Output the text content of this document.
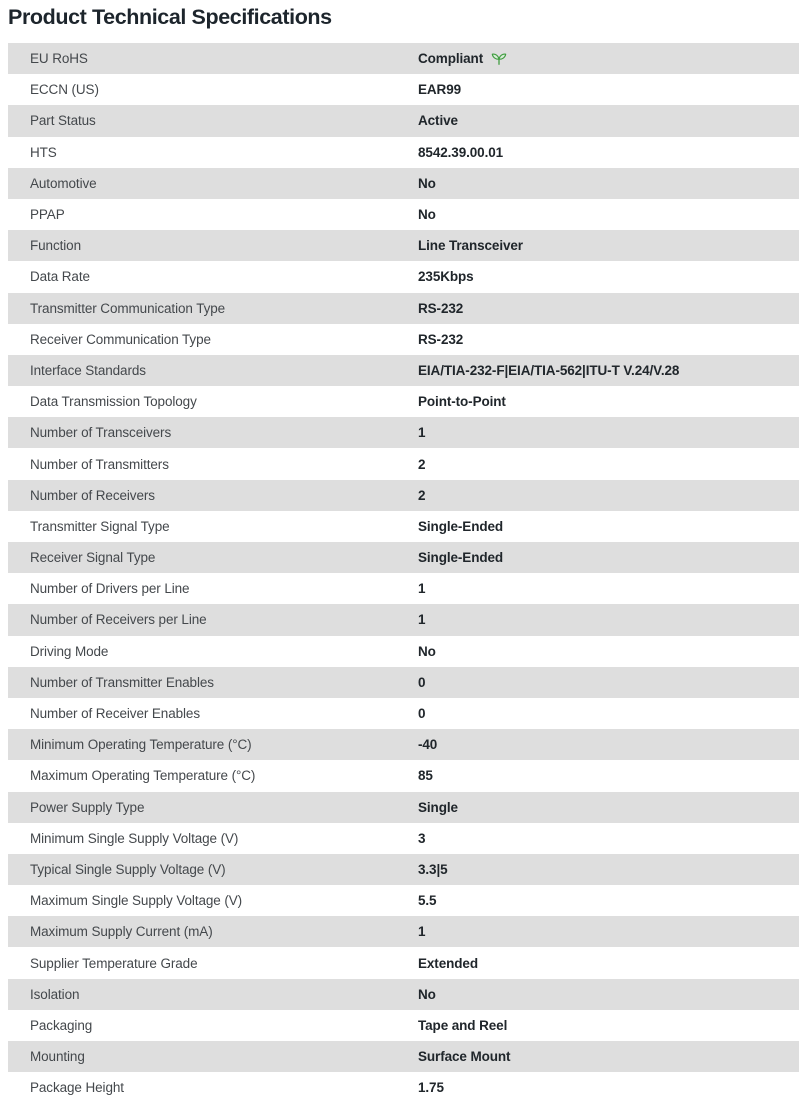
Product Technical Specifications
EU RoHS	Compliant
ECCN (US)	EAR99
Part Status	Active
HTS	8542.39.00.01
Automotive	No
PPAP	No
Function	Line Transceiver
Data Rate	235Kbps
Transmitter Communication Type	RS-232
Receiver Communication Type	RS-232
Interface Standards	EIA/TIA-232-F|EIA/TIA-562|ITU-T V.24/V.28
Data Transmission Topology	Point-to-Point
Number of Transceivers	1
Number of Transmitters	2
Number of Receivers	2
Transmitter Signal Type	Single-Ended
Receiver Signal Type	Single-Ended
Number of Drivers per Line	1
Number of Receivers per Line	1
Driving Mode	No
Number of Transmitter Enables	0
Number of Receiver Enables	0
Minimum Operating Temperature (°C)	-40
Maximum Operating Temperature (°C)	85
Power Supply Type	Single
Minimum Single Supply Voltage (V)	3
Typical Single Supply Voltage (V)	3.3|5
Maximum Single Supply Voltage (V)	5.5
Maximum Supply Current (mA)	1
Supplier Temperature Grade	Extended
Isolation	No
Packaging	Tape and Reel
Mounting	Surface Mount
Package Height	1.75
